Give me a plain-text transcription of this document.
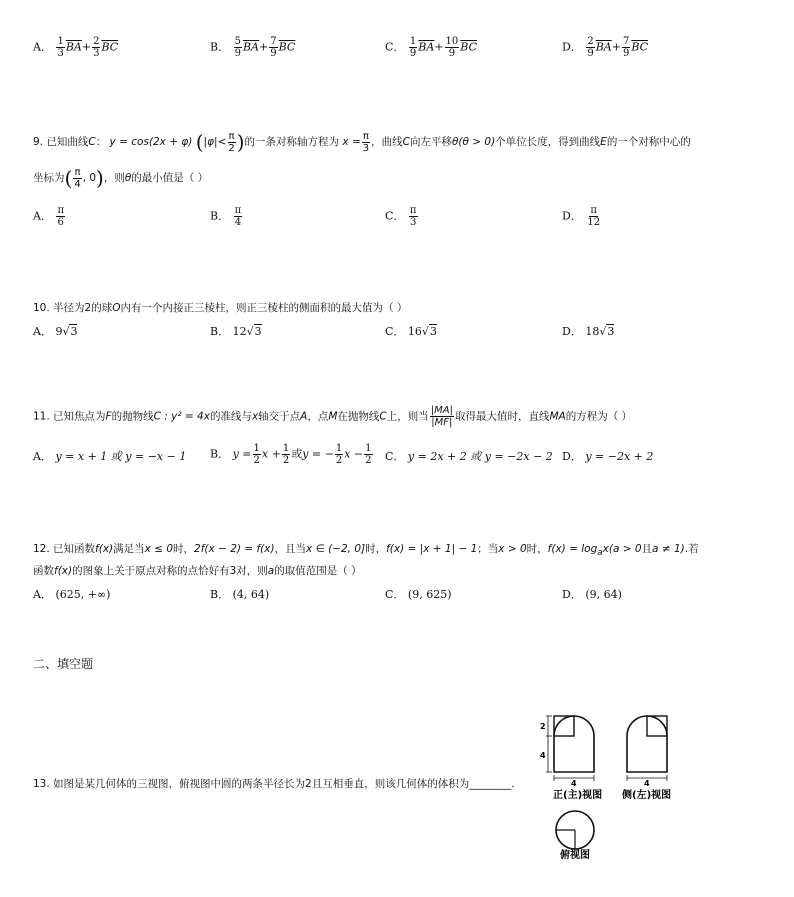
A． $\frac{1}{3} \overline{BA}+ \frac{2}{3} \overline{BC}$	B． $\frac{5}{9} \overline{BA}+ \frac{7}{9} \overline{BC}$	C． $\frac{1}{9} \overline{BA}+ \frac{10}{9} \overline{BC}$	D． $\frac{2}{9} \overline{BA}+ \frac{7}{9} \overline{BC}$
9. 已知曲线C： y = cos(2x + φ) ($|\varphi|< \frac{\pi}{2}$ )的一条对称轴方程为 $x = \frac{\pi}{3}$ ，曲线C向左平移θ(θ > 0)个单位长度，得到曲线E的一个对称中心的
坐标为( $\frac{\pi}{4}$ , 0)，则θ的最小值是（ ）
A． $\frac{\pi}{6}$	B． $\frac{\pi}{4}$	C． $\frac{\pi}{3}$	D． $\frac{\pi}{12}$
10. 半径为2的球O内有一个内接正三棱柱，则正三棱柱的侧面积的最大值为（ ）
A． 9√3	B． 12√3	C． 16√3	D． 18√3
11. 已知焦点为F的抛物线C : y² = 4x的准线与x轴交于点A，点M在抛物线C上，则当 $\frac{|MA|}{|MF|}$ 取得最大值时，直线MA的方程为（ ）
A． y = x + 1 或 y = −x − 1 B． $y = \frac{1}{2}$ $x + \frac{1}{2}$ 或y = − $\frac{1}{2}$ $x - \frac{1}{2}$ C． y = 2x + 2 或 y = −2x − 2 D． y = −2x + 2
12. 已知函数f(x)满足当x ≤ 0时，2f(x − 2) = f(x)，且当x ∈ (−2, 0]时，f(x) = |x + 1| − 1；当x > 0时，$f(x) = \log_ax(a > 0$且a ≠ 1).若
函数f(x)的图象上关于原点对称的点恰好有3对，则a的取值范围是（ ）
A． (625, +∞)	B． (4, 64)	C． (9, 625)	D． (9, 64)
二、填空题
13. 如图是某几何体的三视图，俯视图中圆的两条半径长为2且互相垂直，则该几何体的体积为________.
2
4
4
正(主)视图
4
侧(左)视图
俯视图
